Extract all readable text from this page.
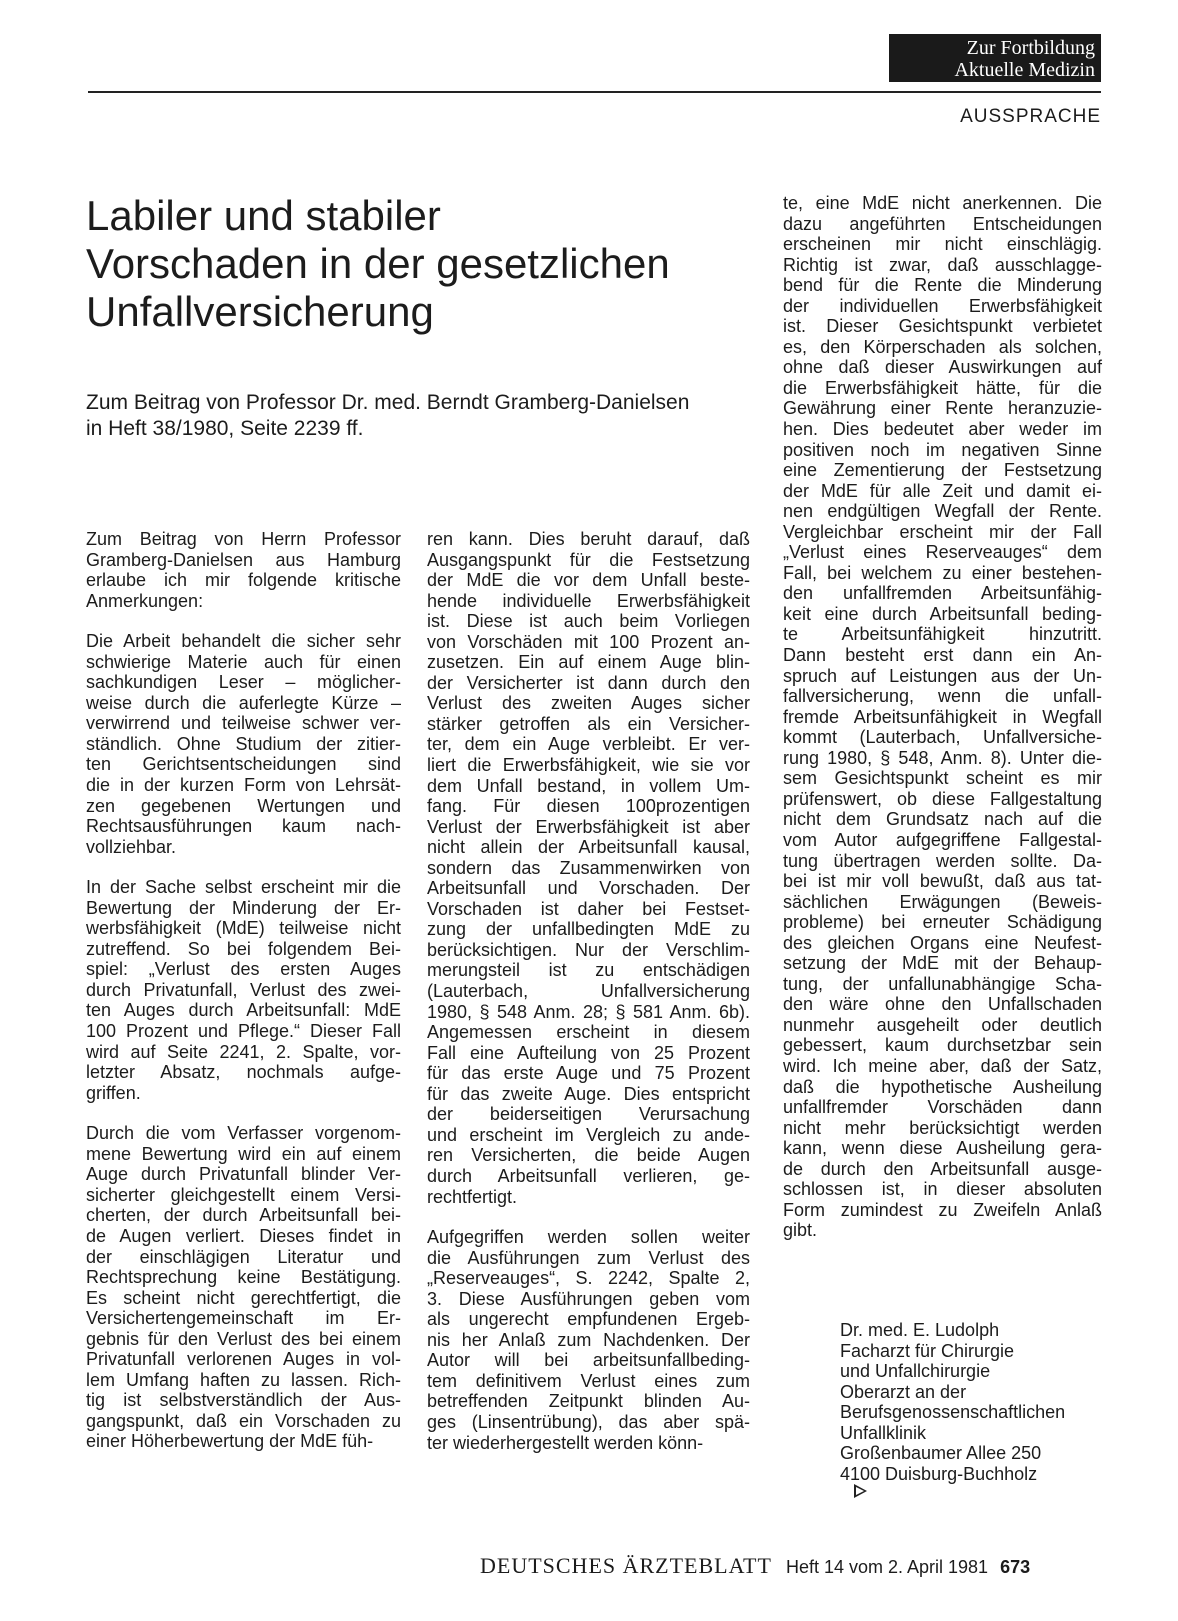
Zur Fortbildung
Aktuelle Medizin
AUSSPRACHE
Labiler und stabiler
Vorschaden in der gesetzlichen
Unfallversicherung
Zum Beitrag von Professor Dr. med. Berndt Gramberg-Danielsen
in Heft 38/1980, Seite 2239 ff.

Zum Beitrag von Herrn Professor

Gramberg-Danielsen aus Hamburg

erlaube ich mir folgende kritische

Anmerkungen:

Die Arbeit behandelt die sicher sehr

schwierige Materie auch für einen

sachkundigen Leser – möglicher-

weise durch die auferlegte Kürze –

verwirrend und teilweise schwer ver-

ständlich. Ohne Studium der zitier-

ten Gerichtsentscheidungen sind

die in der kurzen Form von Lehrsät-

zen gegebenen Wertungen und

Rechtsausführungen kaum nach-

vollziehbar.

In der Sache selbst erscheint mir die

Bewertung der Minderung der Er-

werbsfähigkeit (MdE) teilweise nicht

zutreffend. So bei folgendem Bei-

spiel: „Verlust des ersten Auges

durch Privatunfall, Verlust des zwei-

ten Auges durch Arbeitsunfall: MdE

100 Prozent und Pflege.“ Dieser Fall

wird auf Seite 2241, 2. Spalte, vor-

letzter Absatz, nochmals aufge-

griffen.

Durch die vom Verfasser vorgenom-

mene Bewertung wird ein auf einem

Auge durch Privatunfall blinder Ver-

sicherter gleichgestellt einem Versi-

cherten, der durch Arbeitsunfall bei-

de Augen verliert. Dieses findet in

der einschlägigen Literatur und

Rechtsprechung keine Bestätigung.

Es scheint nicht gerechtfertigt, die

Versichertengemeinschaft im Er-

gebnis für den Verlust des bei einem

Privatunfall verlorenen Auges in vol-

lem Umfang haften zu lassen. Rich-

tig ist selbstverständlich der Aus-

gangspunkt, daß ein Vorschaden zu

einer Höherbewertung der MdE füh-

ren kann. Dies beruht darauf, daß

Ausgangspunkt für die Festsetzung

der MdE die vor dem Unfall beste-

hende individuelle Erwerbsfähigkeit

ist. Diese ist auch beim Vorliegen

von Vorschäden mit 100 Prozent an-

zusetzen. Ein auf einem Auge blin-

der Versicherter ist dann durch den

Verlust des zweiten Auges sicher

stärker getroffen als ein Versicher-

ter, dem ein Auge verbleibt. Er ver-

liert die Erwerbsfähigkeit, wie sie vor

dem Unfall bestand, in vollem Um-

fang. Für diesen 100prozentigen

Verlust der Erwerbsfähigkeit ist aber

nicht allein der Arbeitsunfall kausal,

sondern das Zusammenwirken von

Arbeitsunfall und Vorschaden. Der

Vorschaden ist daher bei Festset-

zung der unfallbedingten MdE zu

berücksichtigen. Nur der Verschlim-

merungsteil ist zu entschädigen

(Lauterbach, Unfallversicherung

1980, § 548 Anm. 28; § 581 Anm. 6b).

Angemessen erscheint in diesem

Fall eine Aufteilung von 25 Prozent

für das erste Auge und 75 Prozent

für das zweite Auge. Dies entspricht

der beiderseitigen Verursachung

und erscheint im Vergleich zu ande-

ren Versicherten, die beide Augen

durch Arbeitsunfall verlieren, ge-

rechtfertigt.

Aufgegriffen werden sollen weiter

die Ausführungen zum Verlust des

„Reserveauges“, S. 2242, Spalte 2,

3. Diese Ausführungen geben vom

als ungerecht empfundenen Ergeb-

nis her Anlaß zum Nachdenken. Der

Autor will bei arbeitsunfallbeding-

tem definitivem Verlust eines zum

betreffenden Zeitpunkt blinden Au-

ges (Linsentrübung), das aber spä-

ter wiederhergestellt werden könn-

te, eine MdE nicht anerkennen. Die

dazu angeführten Entscheidungen

erscheinen mir nicht einschlägig.

Richtig ist zwar, daß ausschlagge-

bend für die Rente die Minderung

der individuellen Erwerbsfähigkeit

ist. Dieser Gesichtspunkt verbietet

es, den Körperschaden als solchen,

ohne daß dieser Auswirkungen auf

die Erwerbsfähigkeit hätte, für die

Gewährung einer Rente heranzuzie-

hen. Dies bedeutet aber weder im

positiven noch im negativen Sinne

eine Zementierung der Festsetzung

der MdE für alle Zeit und damit ei-

nen endgültigen Wegfall der Rente.

Vergleichbar erscheint mir der Fall

„Verlust eines Reserveauges“ dem

Fall, bei welchem zu einer bestehen-

den unfallfremden Arbeitsunfähig-

keit eine durch Arbeitsunfall beding-

te Arbeitsunfähigkeit hinzutritt.

Dann besteht erst dann ein An-

spruch auf Leistungen aus der Un-

fallversicherung, wenn die unfall-

fremde Arbeitsunfähigkeit in Wegfall

kommt (Lauterbach, Unfallversiche-

rung 1980, § 548, Anm. 8). Unter die-

sem Gesichtspunkt scheint es mir

prüfenswert, ob diese Fallgestaltung

nicht dem Grundsatz nach auf die

vom Autor aufgegriffene Fallgestal-

tung übertragen werden sollte. Da-

bei ist mir voll bewußt, daß aus tat-

sächlichen Erwägungen (Beweis-

probleme) bei erneuter Schädigung

des gleichen Organs eine Neufest-

setzung der MdE mit der Behaup-

tung, der unfallunabhängige Scha-

den wäre ohne den Unfallschaden

nunmehr ausgeheilt oder deutlich

gebessert, kaum durchsetzbar sein

wird. Ich meine aber, daß der Satz,

daß die hypothetische Ausheilung

unfallfremder Vorschäden dann

nicht mehr berücksichtigt werden

kann, wenn diese Ausheilung gera-

de durch den Arbeitsunfall ausge-

schlossen ist, in dieser absoluten

Form zumindest zu Zweifeln Anlaß

gibt.

Dr. med. E. Ludolph
Facharzt für Chirurgie
und Unfallchirurgie
Oberarzt an der
Berufsgenossenschaftlichen
Unfallklinik
Großenbaumer Allee 250
4100 Duisburg-Buchholz
DEUTSCHES ÄRZTEBLATT Heft 14 vom 2. April 1981 673
